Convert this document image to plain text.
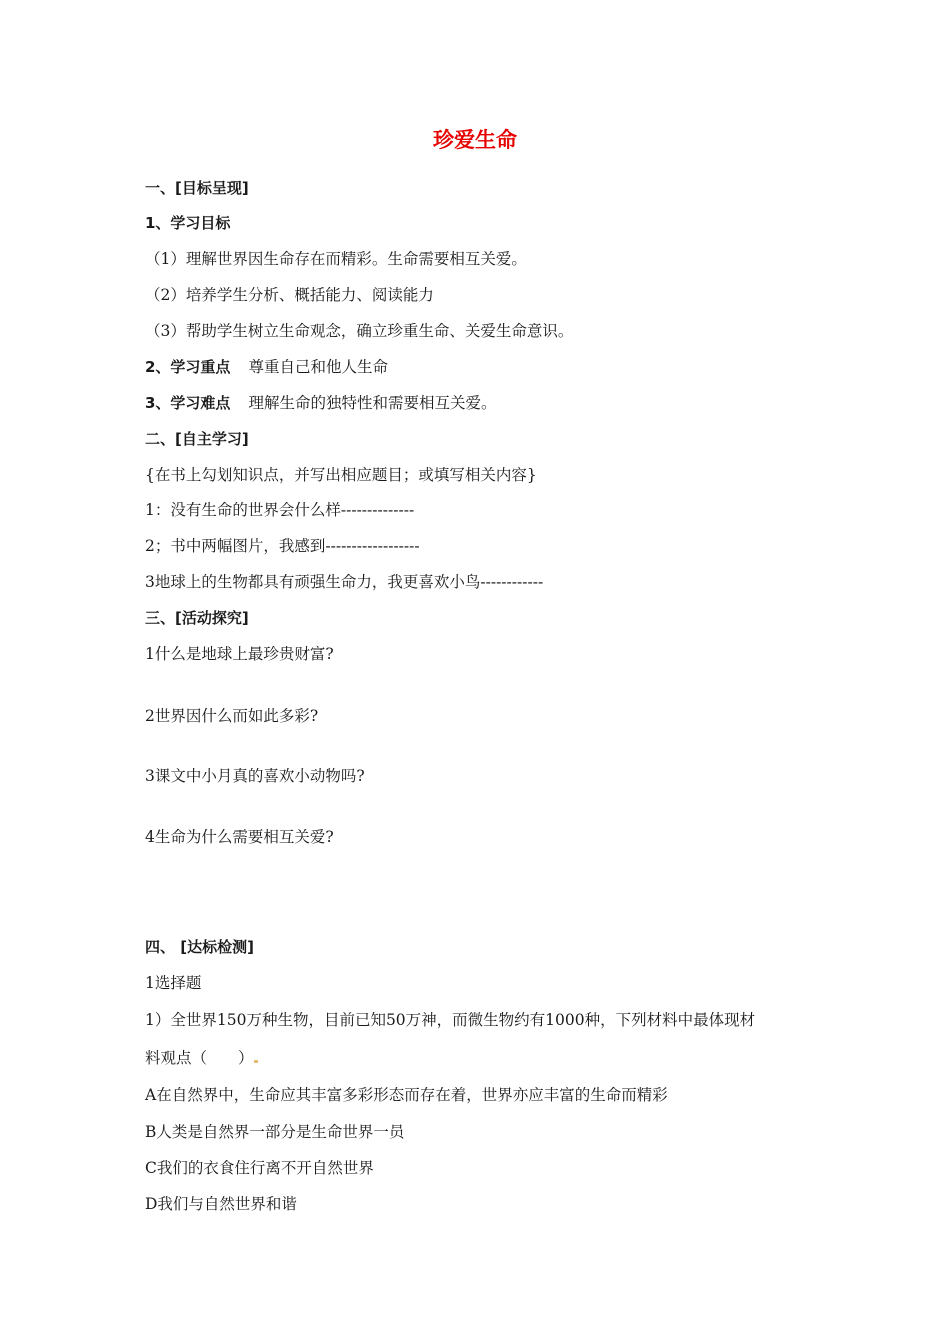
珍爱生命
一、[目标呈现]
1、学习目标
（1）理解世界因生命存在而精彩。生命需要相互关爱。
（2）培养学生分析、概括能力、阅读能力
（3）帮助学生树立生命观念，确立珍重生命、关爱生命意识。
2、学习重点 尊重自己和他人生命
3、学习难点 理解生命的独特性和需要相互关爱。
二、[自主学习]
{在书上勾划知识点，并写出相应题目；或填写相关内容}
1：没有生命的世界会什么样--------------
2；书中两幅图片，我感到------------------
3地球上的生物都具有顽强生命力，我更喜欢小鸟------------
三、[活动探究]
1什么是地球上最珍贵财富?
2世界因什么而如此多彩?
3课文中小月真的喜欢小动物吗?
4生命为什么需要相互关爱?
四、 [达标检测]
1选择题
1）全世界150万种生物，目前已知50万神，而微生物约有1000种，下列材料中最体现材
料观点（　　）
A在自然界中，生命应其丰富多彩形态而存在着，世界亦应丰富的生命而精彩
B人类是自然界一部分是生命世界一员
C我们的衣食住行离不开自然世界
D我们与自然世界和谐
